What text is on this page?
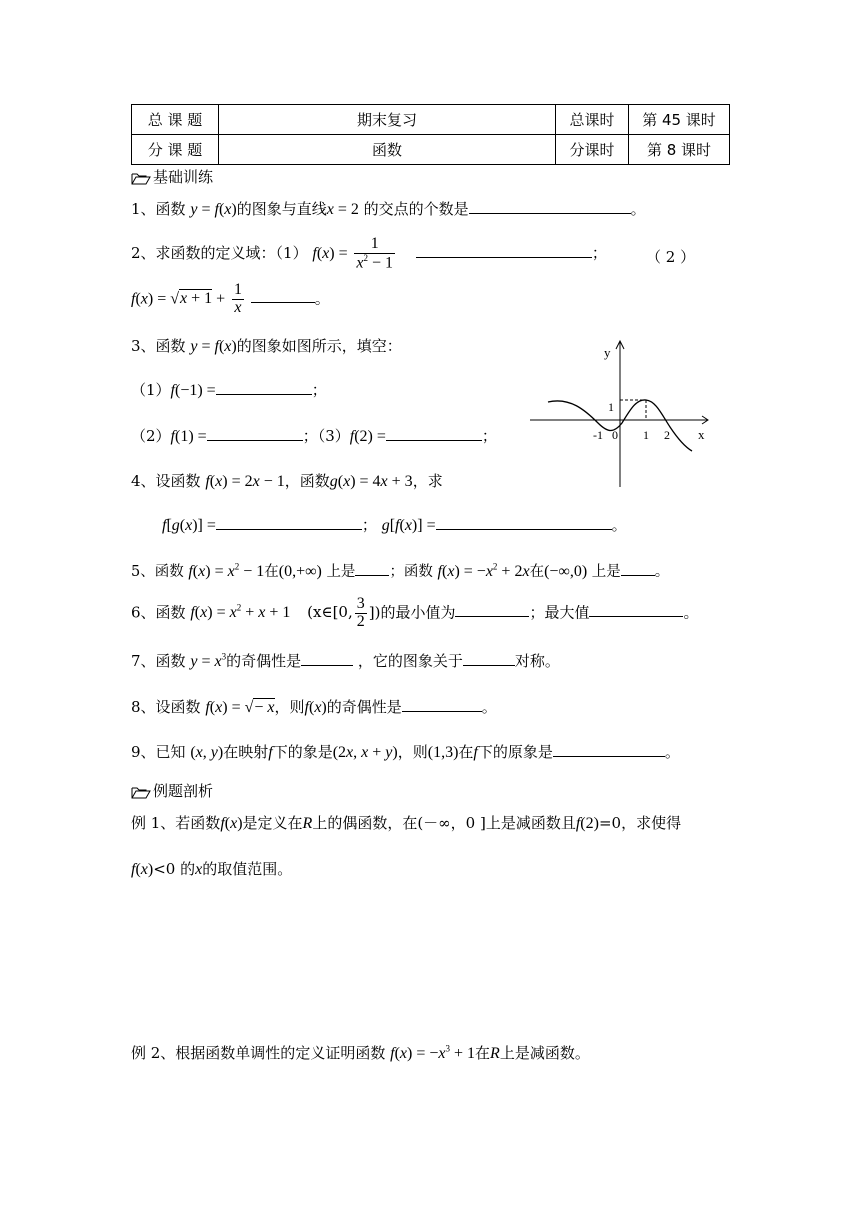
总 课 题	期末复习	总课时	第 45 课时
分 课 题	函数	分课时	第 8 课时
基础训练
1、函数 y = f(x)的图象与直线x = 2 的交点的个数是	。
2、求函数的定义域：（1） $f(x) = \frac{1}{x^2 - 1}$	；	（ 2 ）
$f(x) = √x + 1 + \frac{1}{x}$	。
3、函数 y = f(x)的图象如图所示，填空：
（1）f(−1) =	；
（2）f(1) =	；（3）f(2) =	；
y
x
1
-1 0 1 2
4、设函数 f(x) = 2x − 1，函数g(x) = 4x + 3，求
f[g(x)] =	； g[f(x)] =	。
5、函数 $f(x) = x^2 - 1$在(0,+∞) 上是 ；函数 $f(x) = -x^2 + 2x$在(−∞,0) 上是 。
6、函数 $f(x) = x^2 + x + 1$ (x∈[0, $\frac{3}{2}$ ])的最小值为	；最大值	。
7、函数 $y = x^3$的奇偶性是	，它的图象关于	对称。
8、设函数 f(x) = √− x，则f(x)的奇偶性是	。
9、已知 (x, y)在映射f下的象是(2x, x + y)，则(1,3)在f下的原象是	。
例题剖析
例 1、若函数f(x)是定义在R上的偶函数，在(－∞，0 ]上是减函数且f(2)=0，求使得
f(x)<0 的x的取值范围。
例 2、根据函数单调性的定义证明函数 $f(x) = -x^3 + 1$在R上是减函数。
